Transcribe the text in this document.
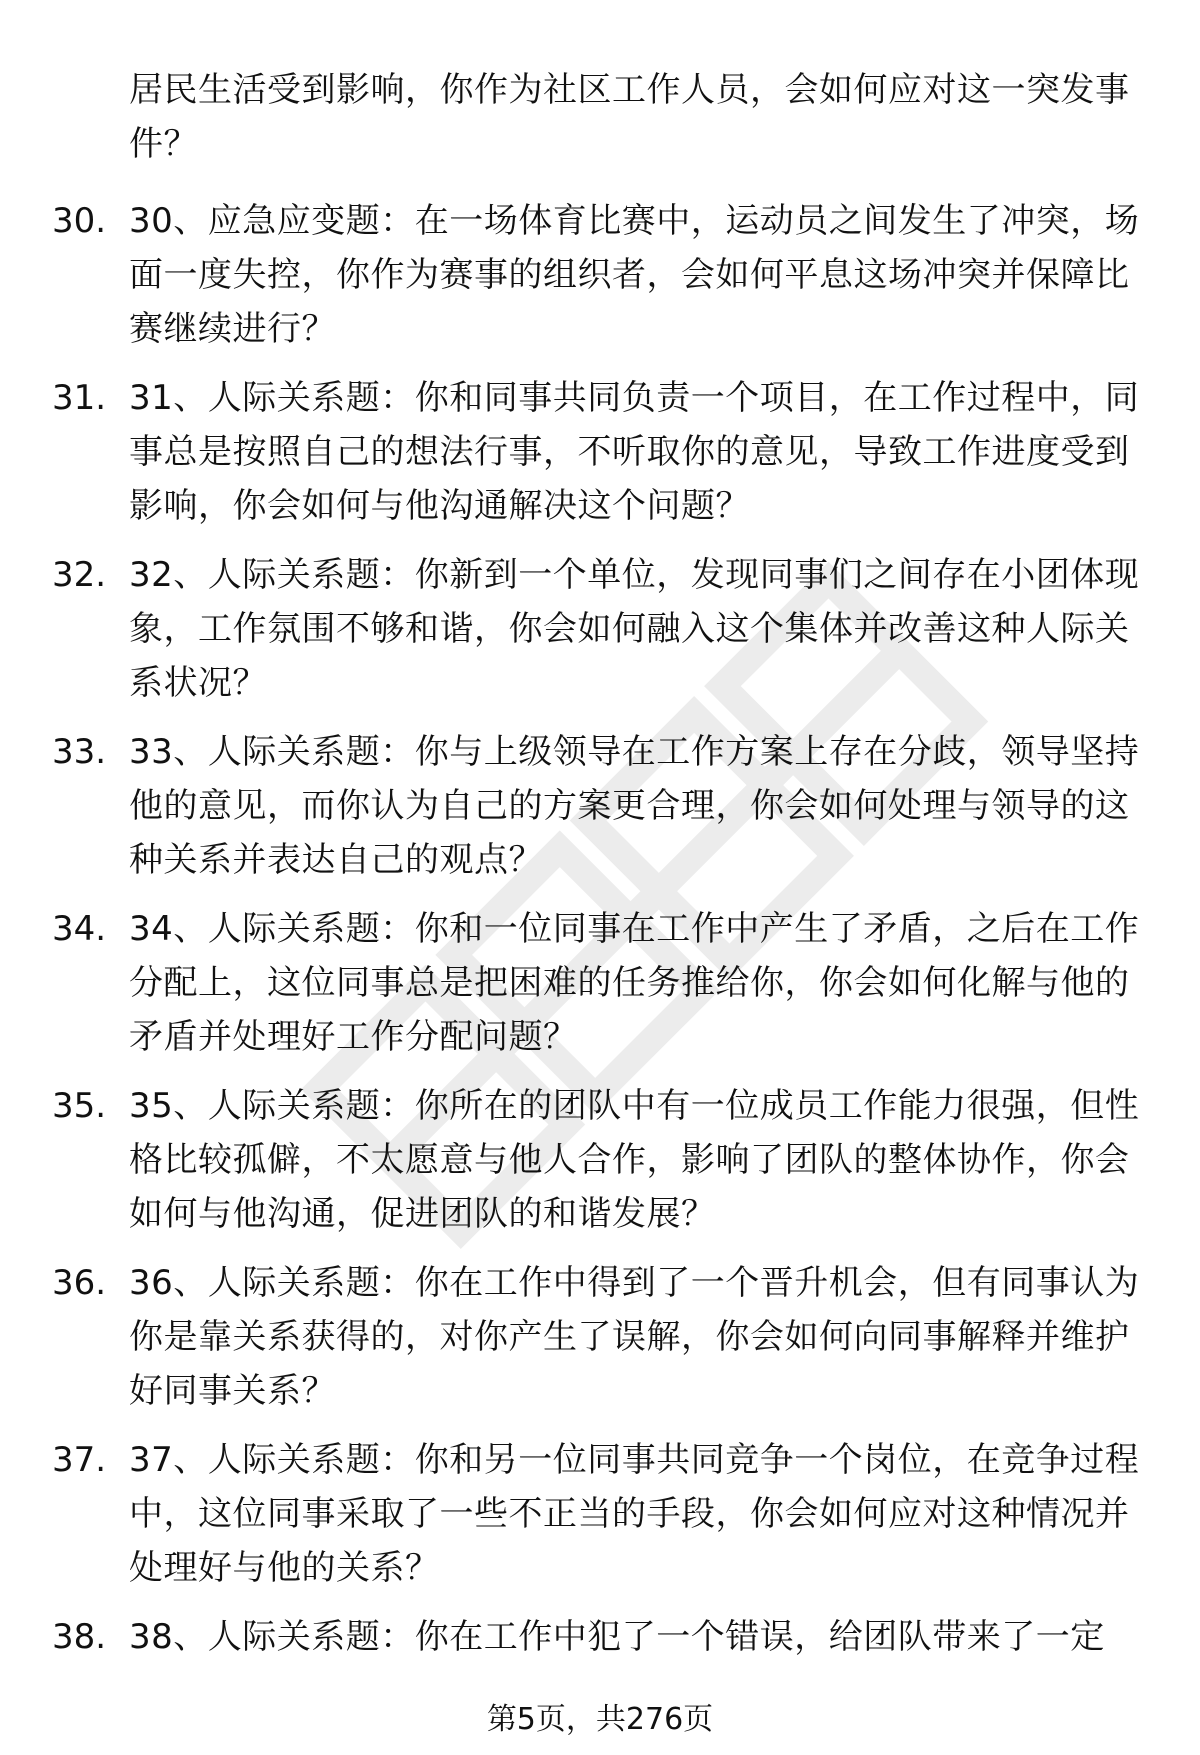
居民生活受到影响，你作为社区工作人员，会如何应对这一突发事件？
30. 30、应急应变题：在一场体育比赛中，运动员之间发生了冲突，场面一度失控，你作为赛事的组织者，会如何平息这场冲突并保障比赛继续进行？
31. 31、人际关系题：你和同事共同负责一个项目，在工作过程中，同事总是按照自己的想法行事，不听取你的意见，导致工作进度受到影响，你会如何与他沟通解决这个问题？
32. 32、人际关系题：你新到一个单位，发现同事们之间存在小团体现象，工作氛围不够和谐，你会如何融入这个集体并改善这种人际关系状况？
33. 33、人际关系题：你与上级领导在工作方案上存在分歧，领导坚持他的意见，而你认为自己的方案更合理，你会如何处理与领导的这种关系并表达自己的观点？
34. 34、人际关系题：你和一位同事在工作中产生了矛盾，之后在工作分配上，这位同事总是把困难的任务推给你，你会如何化解与他的矛盾并处理好工作分配问题？
35. 35、人际关系题：你所在的团队中有一位成员工作能力很强，但性格比较孤僻，不太愿意与他人合作，影响了团队的整体协作，你会如何与他沟通，促进团队的和谐发展？
36. 36、人际关系题：你在工作中得到了一个晋升机会，但有同事认为你是靠关系获得的，对你产生了误解，你会如何向同事解释并维护好同事关系？
37. 37、人际关系题：你和另一位同事共同竞争一个岗位，在竞争过程中，这位同事采取了一些不正当的手段，你会如何应对这种情况并处理好与他的关系？
38. 38、人际关系题：你在工作中犯了一个错误，给团队带来了一定
第5页，共276页
